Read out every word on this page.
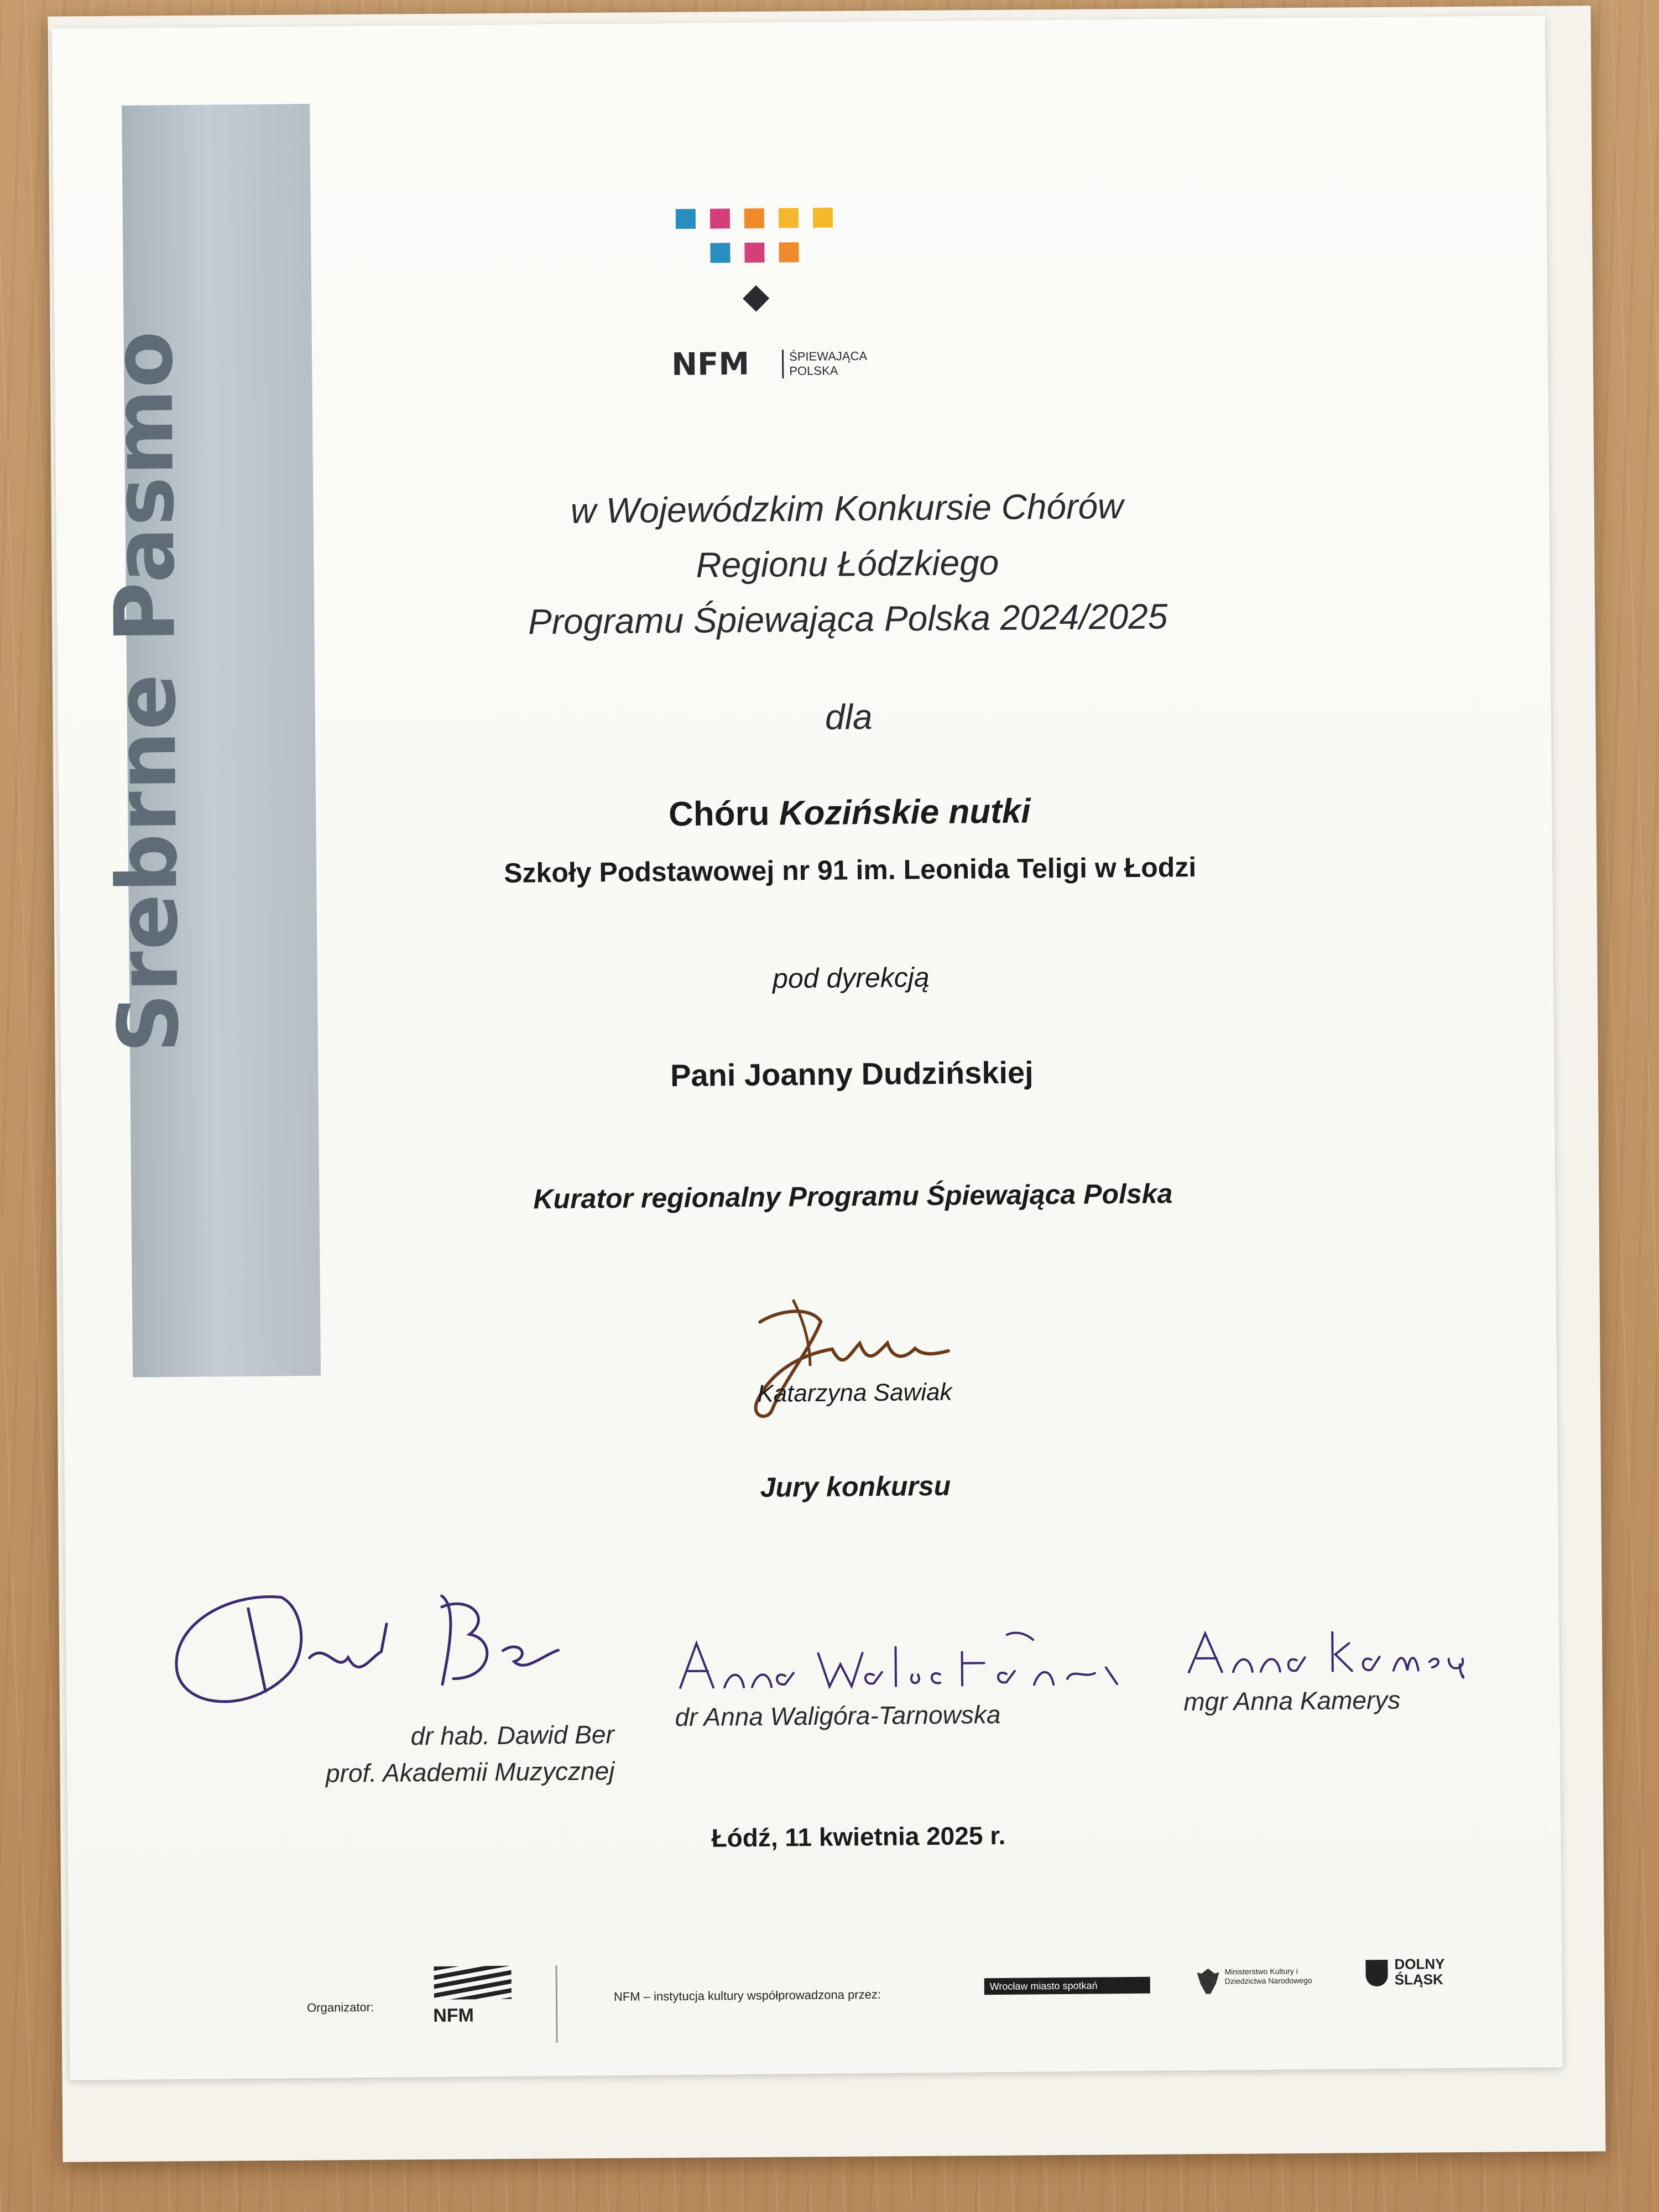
Srebrne Pasmo	NFM	ŚPIEWAJĄCA
POLSKA
w Wojewódzkim Konkursie Chórów
Regionu Łódzkiego
Programu Śpiewająca Polska 2024/2025
dla
Chóru Kozińskie nutki
Szkoły Podstawowej nr 91 im. Leonida Teligi w Łodzi
pod dyrekcją
Pani Joanny Dudzińskiej
Kurator regionalny Programu Śpiewająca Polska
Katarzyna Sawiak
Jury konkursu
dr hab. Dawid Ber
prof. Akademii Muzycznej
dr Anna Waligóra-Tarnowska	mgr Anna Kamerys
Łódź, 11 kwietnia 2025 r.
Organizator:	NFM
NFM – instytucja kultury współprowadzona przez:
Wrocław miasto spotkań
Ministerstwo Kultury i Dziedzictwa Narodowego
DOLNY
ŚLĄSK
